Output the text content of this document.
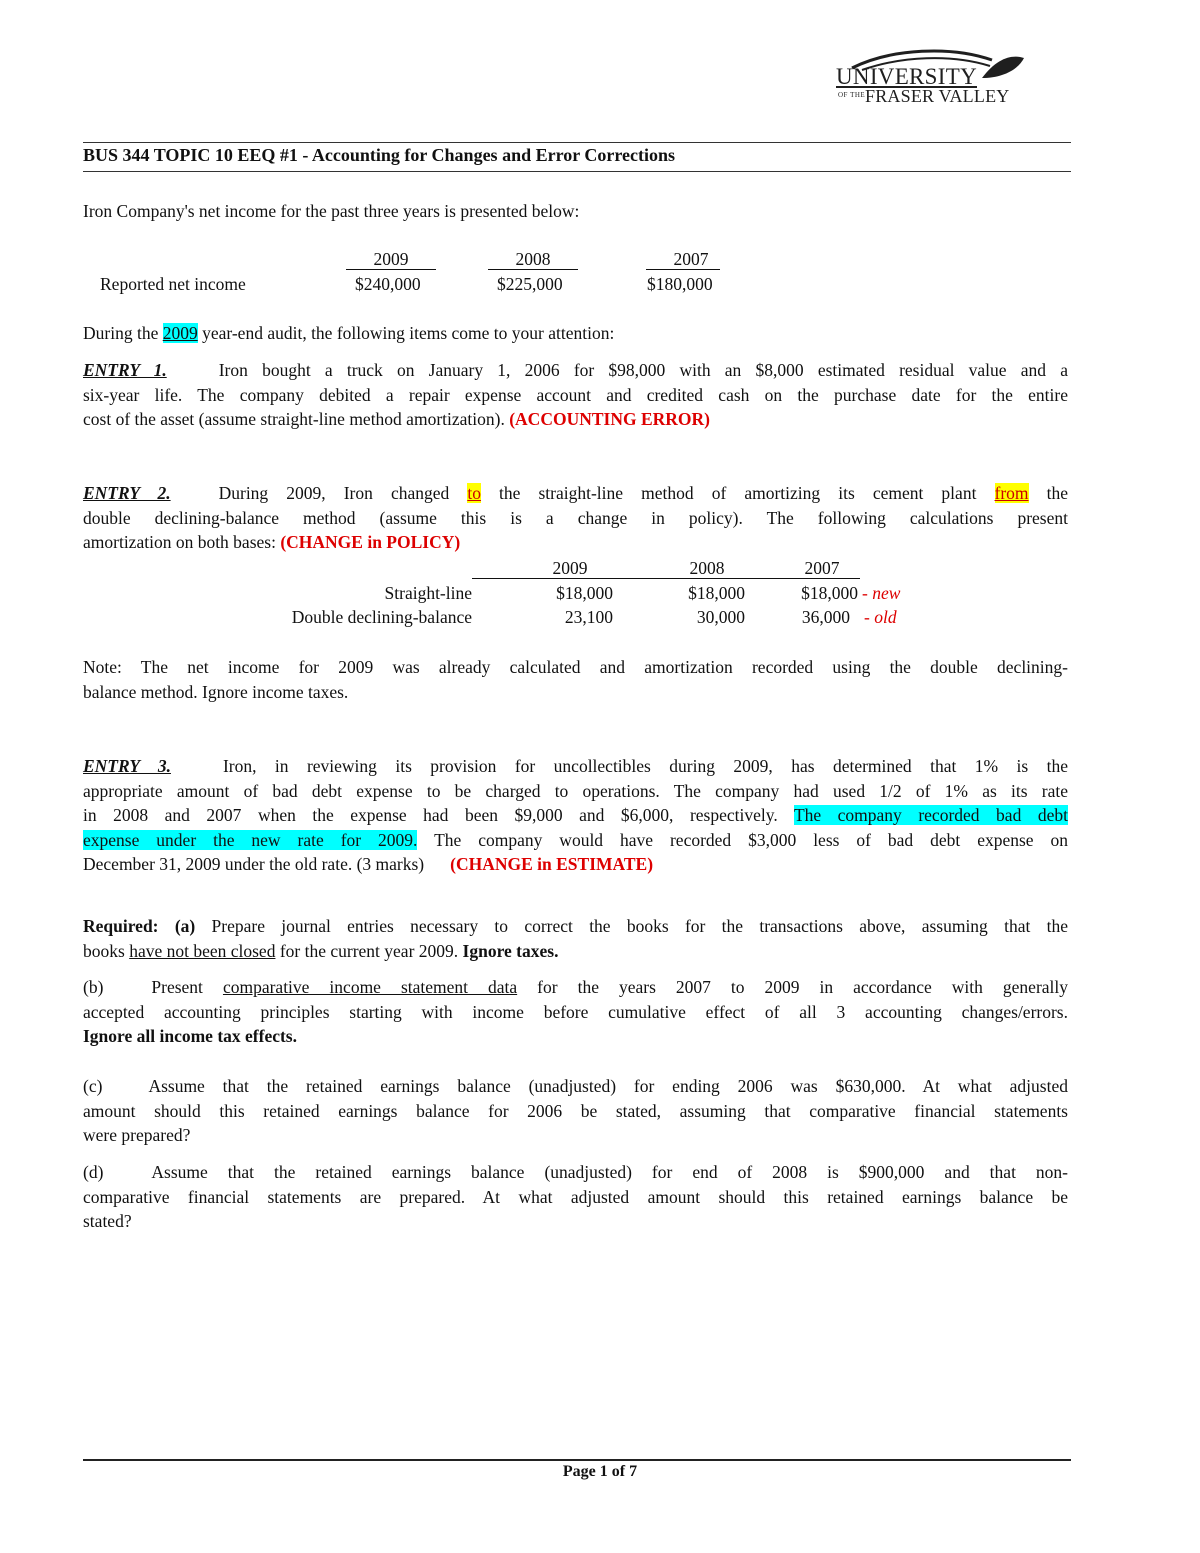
UNIVERSITY
OF THE FRASER VALLEY
BUS 344 TOPIC 10 EEQ #1 - Accounting for Changes and Error Corrections
Iron Company's net income for the past three years is presented below:
2009	2008	2007
Reported net income	$240,000	$225,000	$180,000
During the 2009 year-end audit, the following items come to your attention:
ENTRY 1.	Iron bought a truck on January 1, 2006 for $98,000 with an $8,000 estimated residual value and a
six-year life. The company debited a repair expense account and credited cash on the purchase date for the entire
cost of the asset (assume straight-line method amortization). (ACCOUNTING ERROR)
ENTRY 2.	During 2009, Iron changed to the straight-line method of amortizing its cement plant from the
double declining-balance method (assume this is a change in policy). The following calculations present
amortization on both bases: (CHANGE in POLICY)
2009	2008	2007
Straight-line	$18,000	$18,000	$18,000 - new
Double declining-balance	23,100	30,000	36,000 - old
Note: The net income for 2009 was already calculated and amortization recorded using the double declining-
balance method. Ignore income taxes.
ENTRY 3.	Iron, in reviewing its provision for uncollectibles during 2009, has determined that 1% is the
appropriate amount of bad debt expense to be charged to operations. The company had used 1/2 of 1% as its rate
in 2008 and 2007 when the expense had been $9,000 and $6,000, respectively. The company recorded bad debt
expense under the new rate for 2009. The company would have recorded $3,000 less of bad debt expense on
December 31, 2009 under the old rate. (3 marks) (CHANGE in ESTIMATE)
Required: (a) Prepare journal entries necessary to correct the books for the transactions above, assuming that the
books have not been closed for the current year 2009. Ignore taxes.
(b)	Present comparative income statement data for the years 2007 to 2009 in accordance with generally
accepted accounting principles starting with income before cumulative effect of all 3 accounting changes/errors.
Ignore all income tax effects.
(c)	Assume that the retained earnings balance (unadjusted) for ending 2006 was $630,000. At what adjusted
amount should this retained earnings balance for 2006 be stated, assuming that comparative financial statements
were prepared?
(d)	Assume that the retained earnings balance (unadjusted) for end of 2008 is $900,000 and that non-
comparative financial statements are prepared. At what adjusted amount should this retained earnings balance be
stated?
Page 1 of 7
